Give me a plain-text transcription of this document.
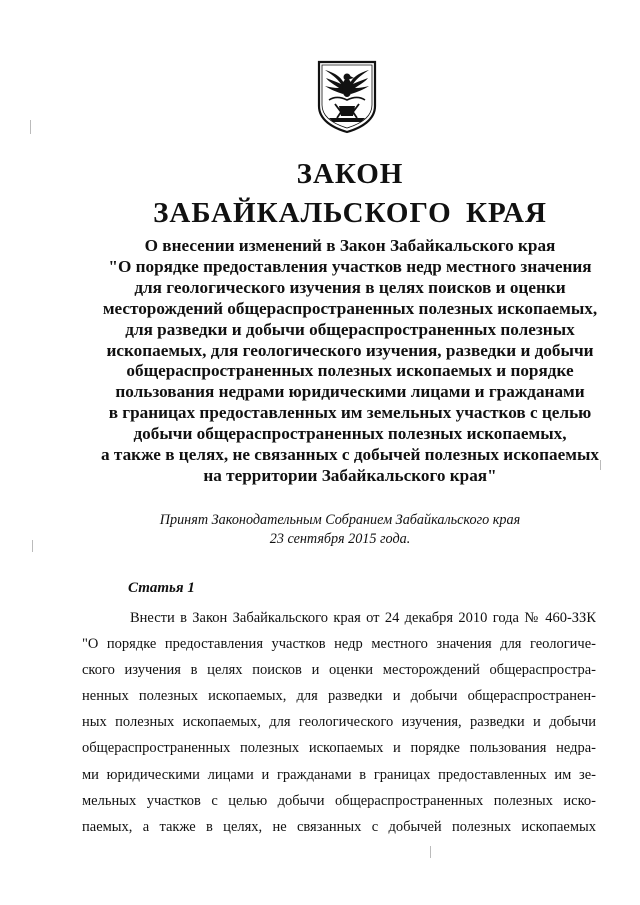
ЗАКОН
ЗАБАЙКАЛЬСКОГО КРАЯ
О внесении изменений в Закон Забайкальского края
"О порядке предоставления участков недр местного значения
для геологического изучения в целях поисков и оценки
месторождений общераспространенных полезных ископаемых,
для разведки и добычи общераспространенных полезных
ископаемых, для геологического изучения, разведки и добычи
общераспространенных полезных ископаемых и порядке
пользования недрами юридическими лицами и гражданами
в границах предоставленных им земельных участков с целью
добычи общераспространенных полезных ископаемых,
а также в целях, не связанных с добычей полезных ископаемых
на территории Забайкальского края"
Принят Законодательным Собранием Забайкальского края
23 сентября 2015 года.
Статья 1
Внести в Закон Забайкальского края от 24 декабря 2010 года № 460-ЗЗК
"О порядке предоставления участков недр местного значения для геологиче-
ского изучения в целях поисков и оценки месторождений общераспростра-
ненных полезных ископаемых, для разведки и добычи общераспространен-
ных полезных ископаемых, для геологического изучения, разведки и добычи
общераспространенных полезных ископаемых и порядке пользования недра-
ми юридическими лицами и гражданами в границах предоставленных им зе-
мельных участков с целью добычи общераспространенных полезных иско-
паемых, а также в целях, не связанных с добычей полезных ископаемых
